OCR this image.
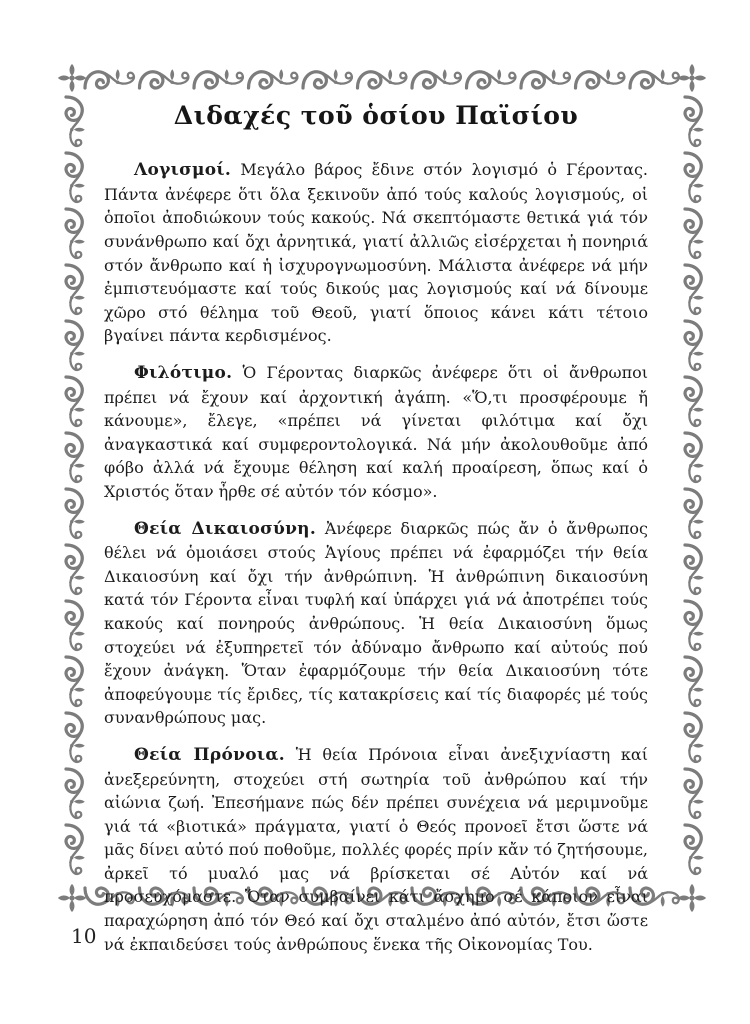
Διδαχές τοῦ ὁσίου Παϊσίου

Λογισμοί. Μεγάλο βάρος ἔδινε στόν λογισμό ὁ Γέροντας. Πάντα ἀνέφερε ὅτι ὅλα ξεκινοῦν ἀπό τούς καλούς λογισμούς, οἱ ὁποῖοι ἀποδιώκουν τούς κακούς. Νά σκεπτόμαστε θετικά γιά τόν συνάνθρωπο καί ὄχι ἀρνητικά, γιατί ἀλλιῶς εἰσέρχεται ἡ πονηριά στόν ἄνθρωπο καί ἡ ἰσχυρογνωμοσύνη. Μάλιστα ἀνέφερε νά μήν ἐμπιστευόμαστε καί τούς δικούς μας λογισμούς καί νά δίνουμε χῶρο στό θέλημα τοῦ Θεοῦ, γιατί ὅποιος κάνει κάτι τέτοιο βγαίνει πάντα κερδισμένος.

Φιλότιμο. Ὁ Γέροντας διαρκῶς ἀνέφερε ὅτι οἱ ἄνθρωποι πρέπει νά ἔχουν καί ἀρχοντική ἀγάπη. «Ὅ,τι προσφέρουμε ἤ κάνουμε», ἔλεγε, «πρέπει νά γίνεται φιλότιμα καί ὄχι ἀναγκαστικά καί συμφεροντολογικά. Νά μήν ἀκολουθοῦμε ἀπό φόβο ἀλλά νά ἔχουμε θέληση καί καλή προαίρεση, ὅπως καί ὁ Χριστός ὅταν ἦρθε σέ αὐτόν τόν κόσμο».

Θεία Δικαιοσύνη. Ἀνέφερε διαρκῶς πώς ἄν ὁ ἄνθρωπος θέλει νά ὁμοιάσει στούς Ἁγίους πρέπει νά ἐφαρμόζει τήν θεία Δικαιοσύνη καί ὄχι τήν ἀνθρώπινη. Ἡ ἀνθρώπινη δικαιοσύνη κατά τόν Γέροντα εἶναι τυφλή καί ὑπάρχει γιά νά ἀποτρέπει τούς κακούς καί πονηρούς ἀνθρώπους. Ἡ θεία Δικαιοσύνη ὅμως στοχεύει νά ἐξυπηρετεῖ τόν ἀδύναμο ἄνθρωπο καί αὐτούς πού ἔχουν ἀνάγκη. Ὅταν ἐφαρμόζουμε τήν θεία Δικαιοσύνη τότε ἀποφεύγουμε τίς ἔριδες, τίς κατακρίσεις καί τίς διαφορές μέ τούς συνανθρώπους μας.

Θεία Πρόνοια. Ἡ θεία Πρόνοια εἶναι ἀνεξιχνίαστη καί ἀνεξερεύνητη, στοχεύει στή σωτηρία τοῦ ἀνθρώπου καί τήν αἰώνια ζωή. Ἐπεσήμανε πώς δέν πρέπει συνέχεια νά μεριμνοῦμε γιά τά «βιοτικά» πράγματα, γιατί ὁ Θεός προνοεῖ ἔτσι ὥστε νά μᾶς δίνει αὐτό πού ποθοῦμε, πολλές φορές πρίν κἄν τό ζητήσουμε, ἀρκεῖ τό μυαλό μας νά βρίσκεται σέ Αὐτόν καί νά προσευχόμαστε. Ὅταν συμβαίνει κάτι ἄσχημο σέ κάποιον εἶναι παραχώρηση ἀπό τόν Θεό καί ὄχι σταλμένο ἀπό αὐτόν, ἔτσι ὥστε νά ἐκπαιδεύσει τούς ἀνθρώπους ἕνεκα τῆς Οἰκονομίας Του.

10
